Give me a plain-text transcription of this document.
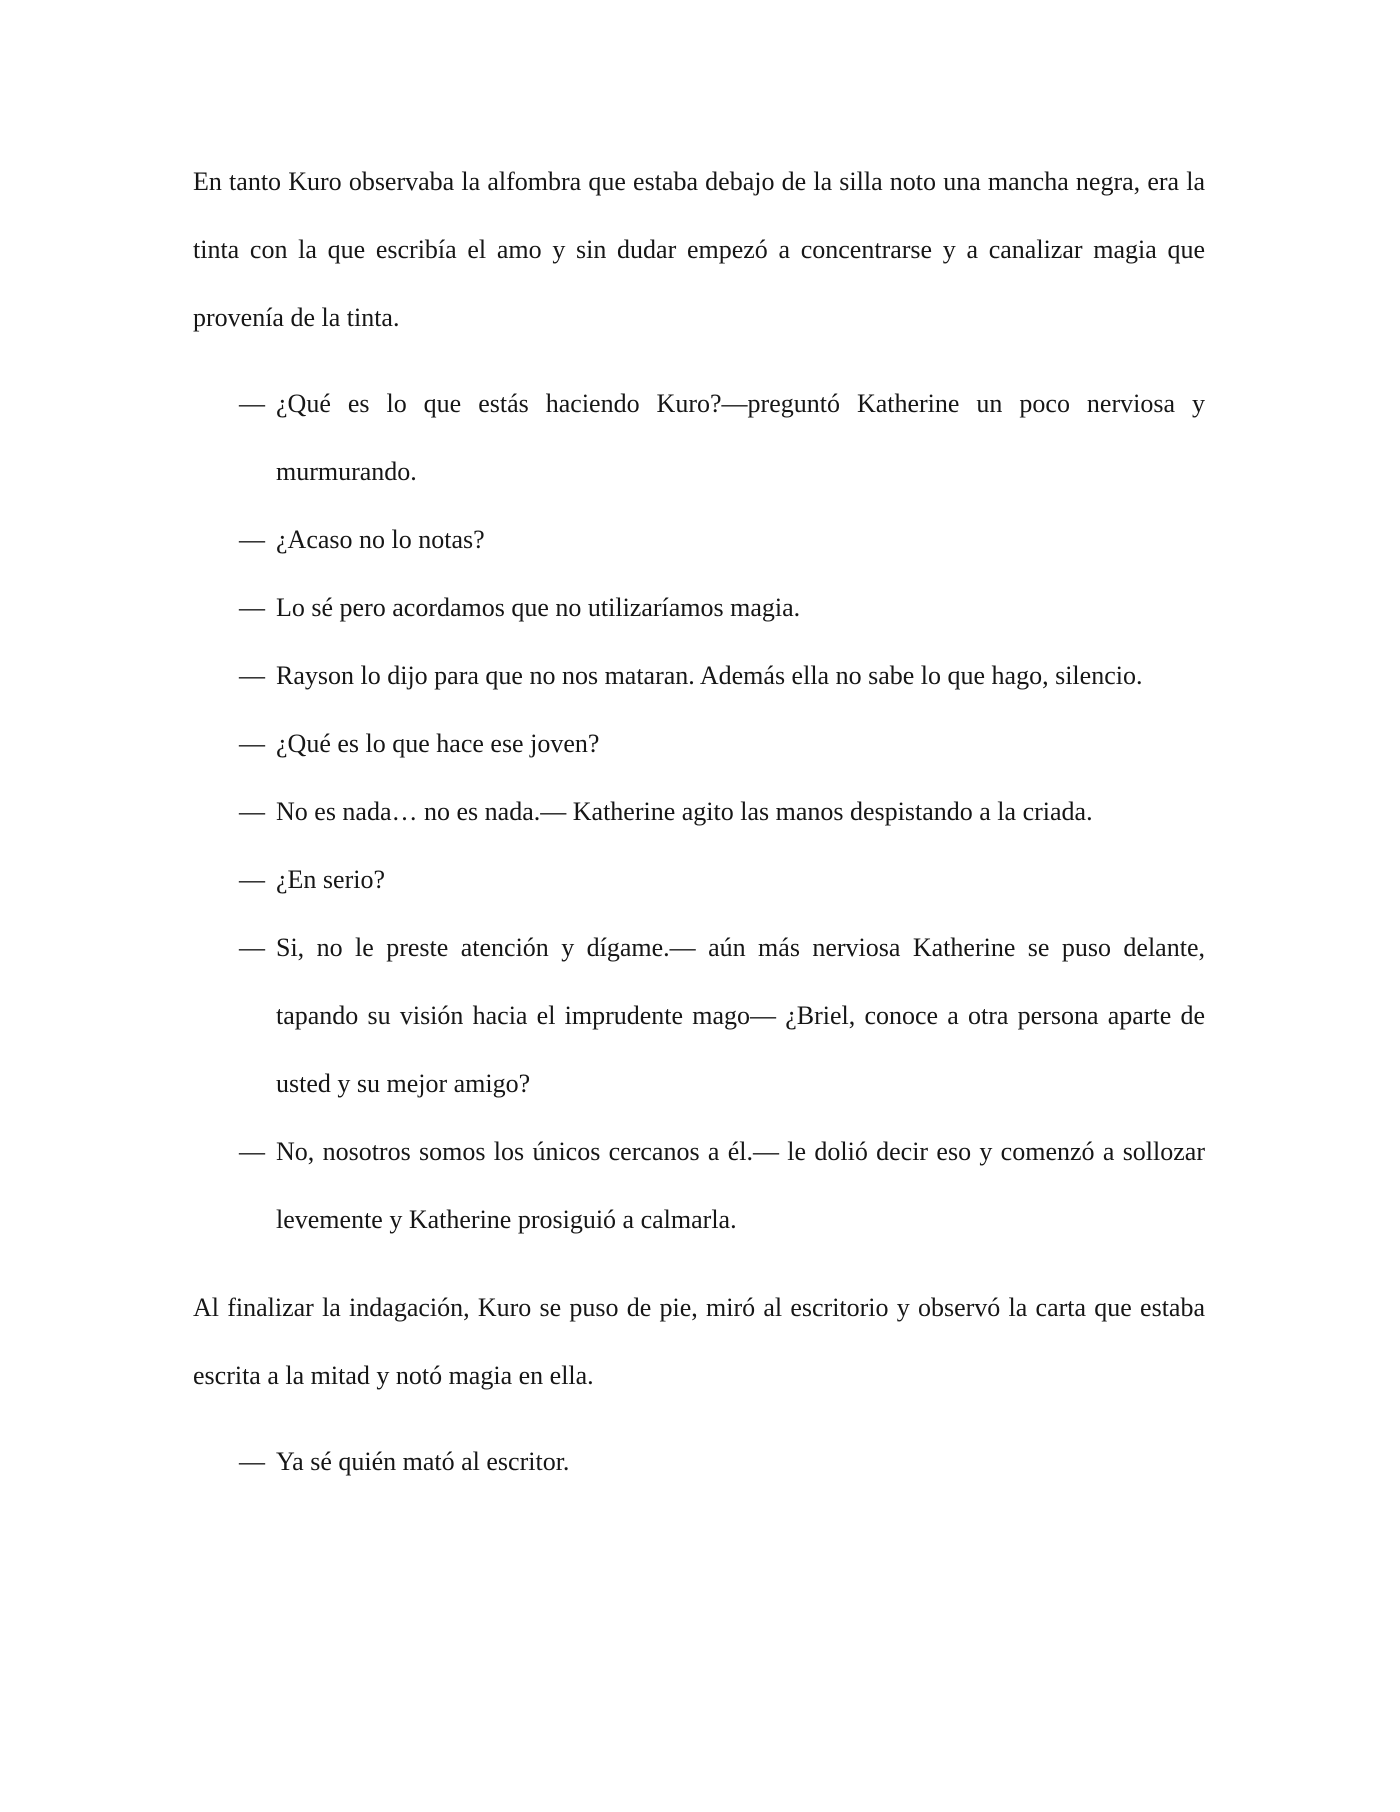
En tanto Kuro observaba la alfombra que estaba debajo de la silla noto una mancha negra, era la tinta con la que escribía el amo y sin dudar empezó a concentrarse y a canalizar magia que provenía de la tinta.

— ¿Qué es lo que estás haciendo Kuro?—preguntó Katherine un poco nerviosa y murmurando.
— ¿Acaso no lo notas?
— Lo sé pero acordamos que no utilizaríamos magia.
— Rayson lo dijo para que no nos mataran. Además ella no sabe lo que hago, silencio.
— ¿Qué es lo que hace ese joven?
— No es nada… no es nada.— Katherine agito las manos despistando a la criada.
— ¿En serio?
— Si, no le preste atención y dígame.— aún más nerviosa Katherine se puso delante, tapando su visión hacia el imprudente mago— ¿Briel, conoce a otra persona aparte de usted y su mejor amigo?
— No, nosotros somos los únicos cercanos a él.— le dolió decir eso y comenzó a sollozar levemente y Katherine prosiguió a calmarla.

Al finalizar la indagación, Kuro se puso de pie, miró al escritorio y observó la carta que estaba escrita a la mitad y notó magia en ella.

— Ya sé quién mató al escritor.
